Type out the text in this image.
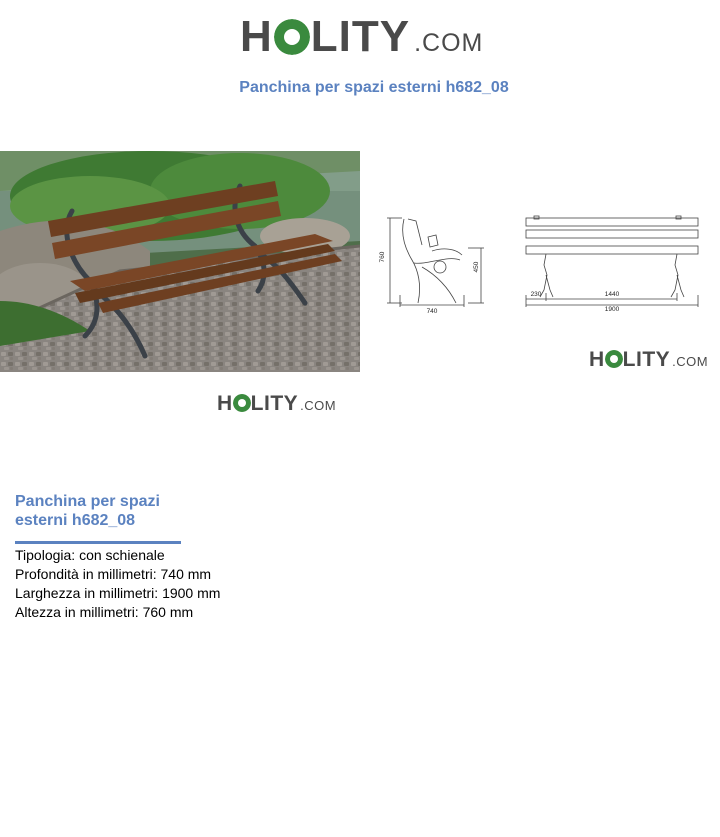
H LITY .COM
Panchina per spazi esterni h682_08
H LITY .COM
760
450
740
230	1440
1900
H LITY .COM
Panchina per spazi
esterni h682_08
Tipologia: con schienale
Profondità in millimetri: 740 mm
Larghezza in millimetri: 1900 mm
Altezza in millimetri: 760 mm
